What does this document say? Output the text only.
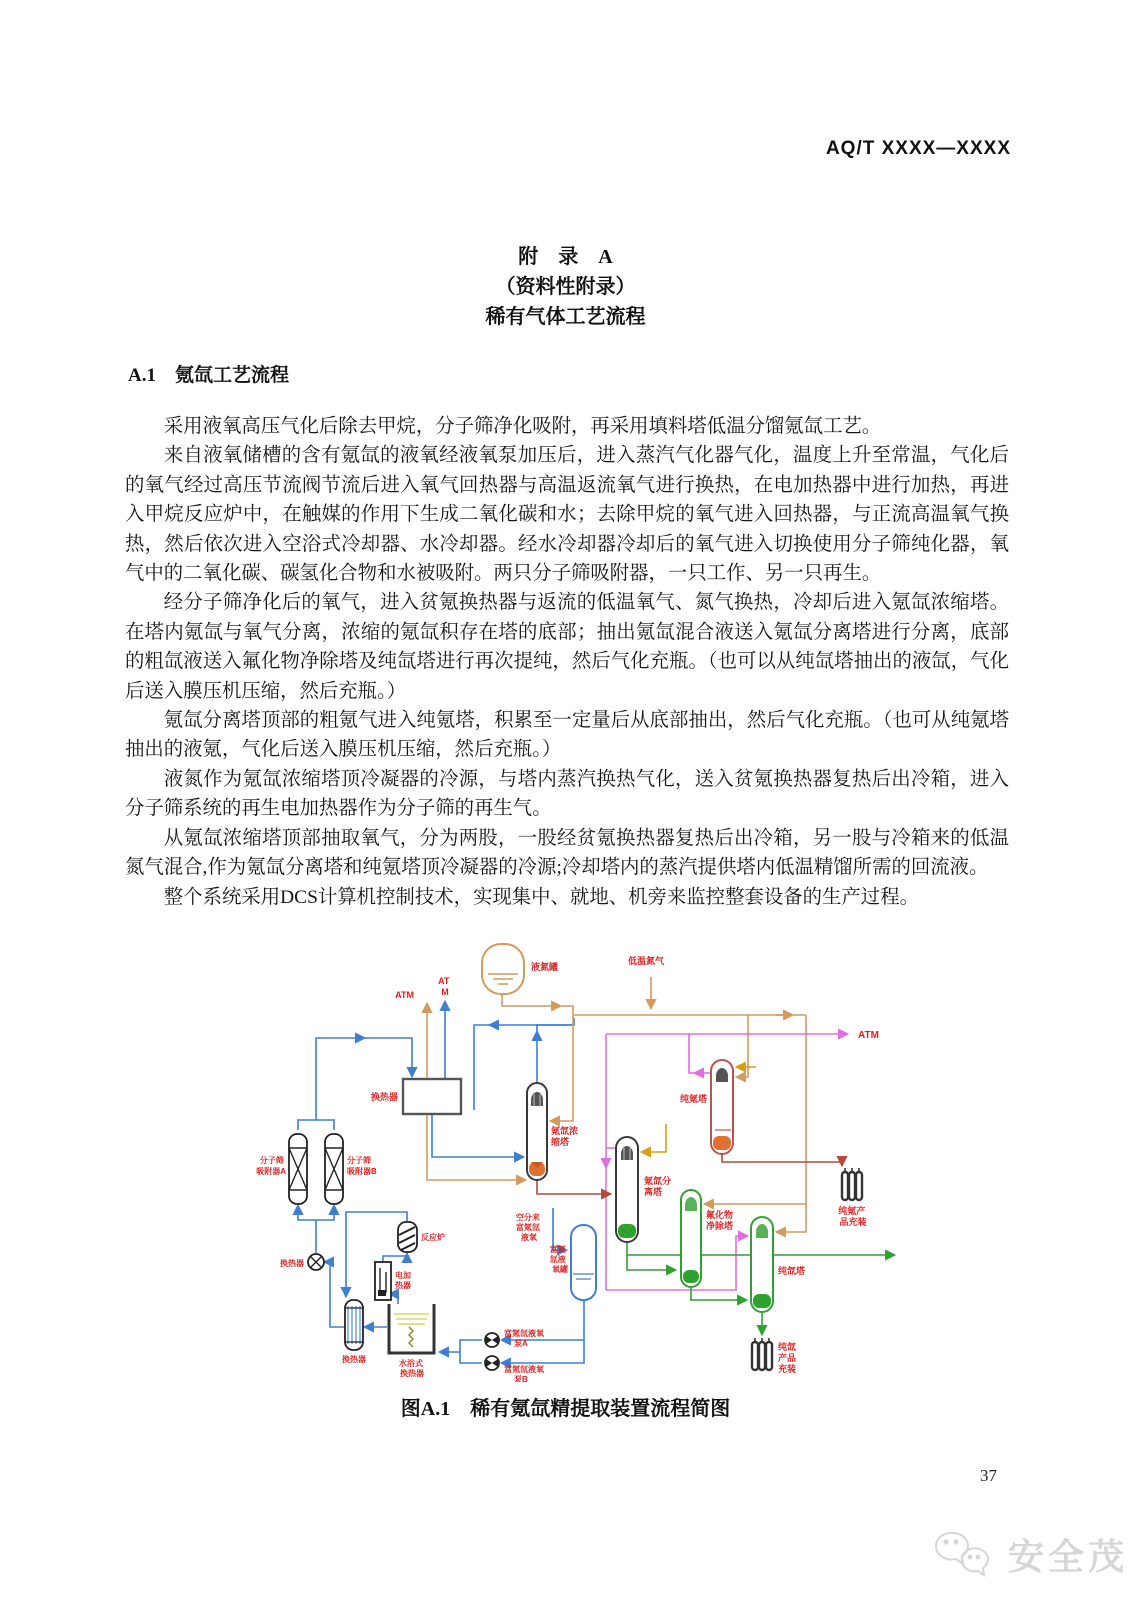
AQ/T XXXX—XXXX
附　录　A
（资料性附录）
稀有气体工艺流程
A.1　氪氙工艺流程

采用液氧高压气化后除去甲烷，分子筛净化吸附，再采用填料塔低温分馏氪氙工艺。

来自液氧储槽的含有氪氙的液氧经液氧泵加压后，进入蒸汽气化器气化，温度上升至常温，气化后的氧气经过高压节流阀节流后进入氧气回热器与高温返流氧气进行换热，在电加热器中进行加热，再进入甲烷反应炉中，在触媒的作用下生成二氧化碳和水；去除甲烷的氧气进入回热器，与正流高温氧气换热，然后依次进入空浴式冷却器、水冷却器。经水冷却器冷却后的氧气进入切换使用分子筛纯化器，氧气中的二氧化碳、碳氢化合物和水被吸附。两只分子筛吸附器，一只工作、另一只再生。

经分子筛净化后的氧气，进入贫氪换热器与返流的低温氧气、氮气换热，冷却后进入氪氙浓缩塔。在塔内氪氙与氧气分离，浓缩的氪氙积存在塔的底部；抽出氪氙混合液送入氪氙分离塔进行分离，底部的粗氙液送入氟化物净除塔及纯氙塔进行再次提纯，然后气化充瓶。（也可以从纯氙塔抽出的液氙，气化后送入膜压机压缩，然后充瓶。）

氪氙分离塔顶部的粗氪气进入纯氪塔，积累至一定量后从底部抽出，然后气化充瓶。（也可从纯氪塔抽出的液氪，气化后送入膜压机压缩，然后充瓶。）

液氮作为氪氙浓缩塔顶冷凝器的冷源，与塔内蒸汽换热气化，送入贫氪换热器复热后出冷箱，进入分子筛系统的再生电加热器作为分子筛的再生气。

从氪氙浓缩塔顶部抽取氧气，分为两股，一股经贫氪换热器复热后出冷箱，另一股与冷箱来的低温氮气混合,作为氪氙分离塔和纯氪塔顶冷凝器的冷源;冷却塔内的蒸汽提供塔内低温精馏所需的回流液。

整个系统采用DCS计算机控制技术，实现集中、就地、机旁来监控整套设备的生产过程。

ATM
AT M
ATM
液氮罐
低温氮气
换热器
分子筛 吸附器A
分子筛 吸附器B
换热器
反应炉
电加 热器
换热器	水浴式 换热器
空分来 富氪氙 液氧
富氪 氙液 氧罐
富氪氙液氧 泵A
富氪氙液氧 泵B
氪氙浓 缩塔
氪氙分 离塔
纯氪塔
氟化物 净除塔
纯氙塔
纯氪产 品充装
纯氙 产品 充装
图A.1　稀有氪氙精提取装置流程简图
37
安全茂
